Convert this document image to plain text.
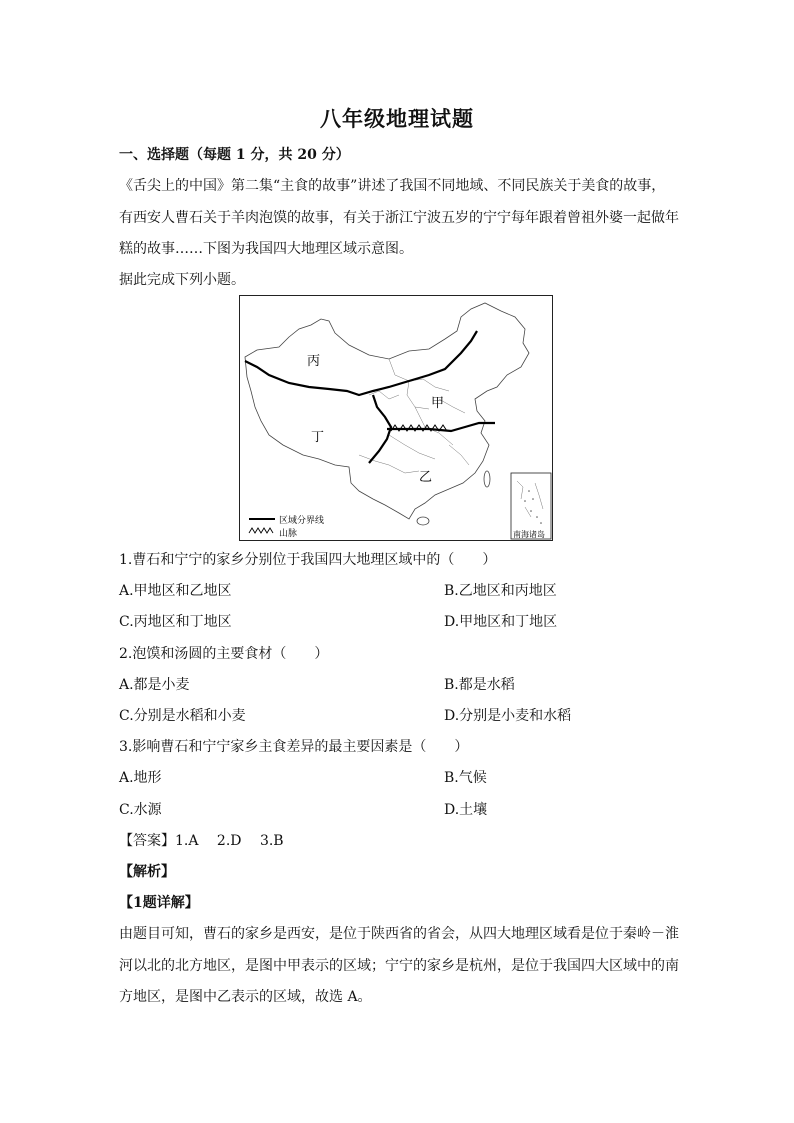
八年级地理试题
一、选择题（每题 1 分，共 20 分）
《舌尖上的中国》第二集“主食的故事”讲述了我国不同地域、不同民族关于美食的故事，
有西安人曹石关于羊肉泡馍的故事，有关于浙江宁波五岁的宁宁每年跟着曾祖外婆一起做年
糕的故事……下图为我国四大地理区域示意图。
据此完成下列小题。
丙
甲
丁
乙
区域分界线
山脉	南海诸岛
1.曹石和宁宁的家乡分别位于我国四大地理区域中的（　　）
A.甲地区和乙地区	B.乙地区和丙地区
C.丙地区和丁地区	D.甲地区和丁地区
2.泡馍和汤圆的主要食材（　　）
A.都是小麦	B.都是水稻
C.分别是水稻和小麦	D.分别是小麦和水稻
3.影响曹石和宁宁家乡主食差异的最主要因素是（　　）
A.地形	B.气候
C.水源	D.土壤
【答案】1.A　 2.D　 3.B
【解析】
【1题详解】
由题目可知，曹石的家乡是西安，是位于陕西省的省会，从四大地理区域看是位于秦岭－淮
河以北的北方地区，是图中甲表示的区域；宁宁的家乡是杭州，是位于我国四大区域中的南
方地区，是图中乙表示的区域，故选 A。
